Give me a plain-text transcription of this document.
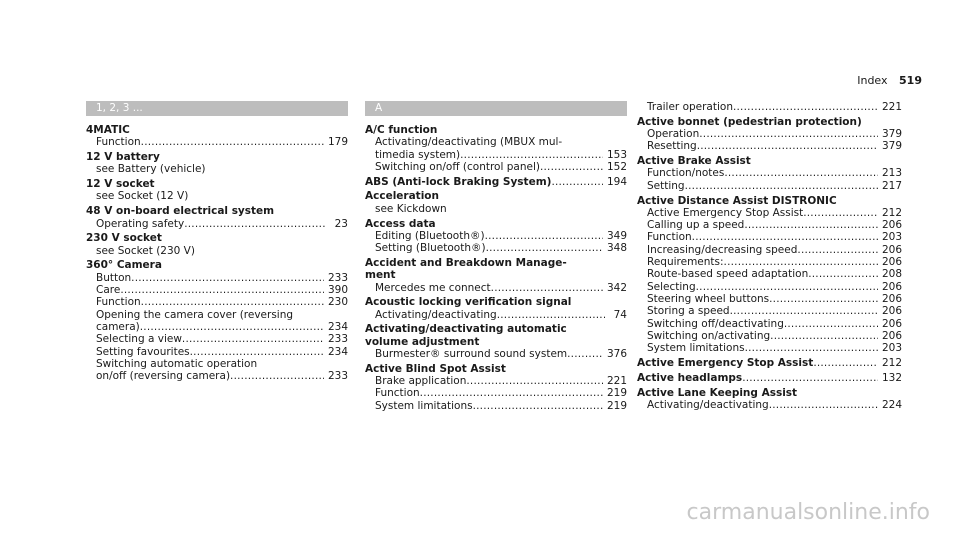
Index 519
1, 2, 3 ...
4MATIC
Function .....	179
12 V battery
see Battery (vehicle)
12 V socket
see Socket (12 V)
48 V on-board electrical system
Operating safety .....	23
230 V socket
see Socket (230 V)
360° Camera
Button .....	233
Care .....	390
Function .....	230
Opening the camera cover (reversing
camera) .....	234
Selecting a view .....	233
Setting favourites .....	234
Switching automatic operation
on/off (reversing camera) .....	233
A
A/C function
Activating/deactivating (MBUX mul-
timedia system) .....	153
Switching on/off (control panel) .....	152
ABS (Anti-lock Braking System) .....	194
Acceleration
see Kickdown
Access data
Editing (Bluetooth®) .....	349
Setting (Bluetooth®) .....	348
Accident and Breakdown Manage-
ment
Mercedes me connect .....	342
Acoustic locking verification signal
Activating/deactivating .....	74
Activating/deactivating automatic
volume adjustment
Burmester® surround sound system .....	376
Active Blind Spot Assist
Brake application .....	221
Function .....	219
System limitations .....	219
Trailer operation .....	221
Active bonnet (pedestrian protection)
Operation .....	379
Resetting .....	379
Active Brake Assist
Function/notes .....	213
Setting .....	217
Active Distance Assist DISTRONIC
Active Emergency Stop Assist .....	212
Calling up a speed .....	206
Function .....	203
Increasing/decreasing speed .....	206
Requirements: .....	206
Route-based speed adaptation .....	208
Selecting .....	206
Steering wheel buttons .....	206
Storing a speed .....	206
Switching off/deactivating .....	206
Switching on/activating .....	206
System limitations .....	203
Active Emergency Stop Assist .....	212
Active headlamps .....	132
Active Lane Keeping Assist
Activating/deactivating .....	224
carmanualsonline.info
